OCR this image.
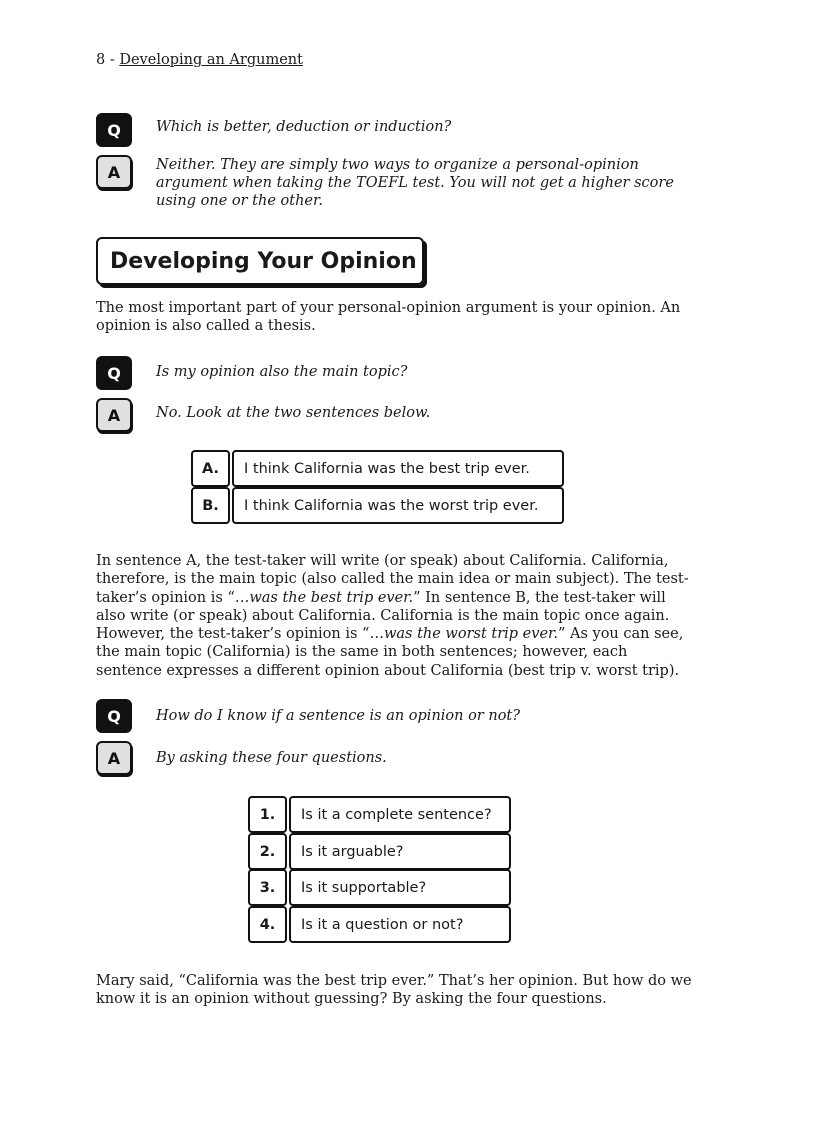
8 - Developing an Argument
Q	Which is better, deduction or induction?
A	Neither. They are simply two ways to organize a personal-opinion argument when taking the TOEFL test. You will not get a higher score using one or the other.
Developing Your Opinion
The most important part of your personal-opinion argument is your opinion. An opinion is also called a thesis.
Q	Is my opinion also the main topic?
A	No. Look at the two sentences below.
A.	I think California was the best trip ever.
B.	I think California was the worst trip ever.
In sentence A, the test-taker will write (or speak) about California. California, therefore, is the main topic (also called the main idea or main subject). The test-taker’s opinion is “…was the best trip ever.” In sentence B, the test-taker will also write (or speak) about California. California is the main topic once again. However, the test-taker’s opinion is “…was the worst trip ever.” As you can see, the main topic (California) is the same in both sentences; however, each sentence expresses a different opinion about California (best trip v. worst trip).
Q	How do I know if a sentence is an opinion or not?
A	By asking these four questions.
1.	Is it a complete sentence?
2.	Is it arguable?
3.	Is it supportable?
4.	Is it a question or not?
Mary said, “California was the best trip ever.” That’s her opinion. But how do we know it is an opinion without guessing? By asking the four questions.
